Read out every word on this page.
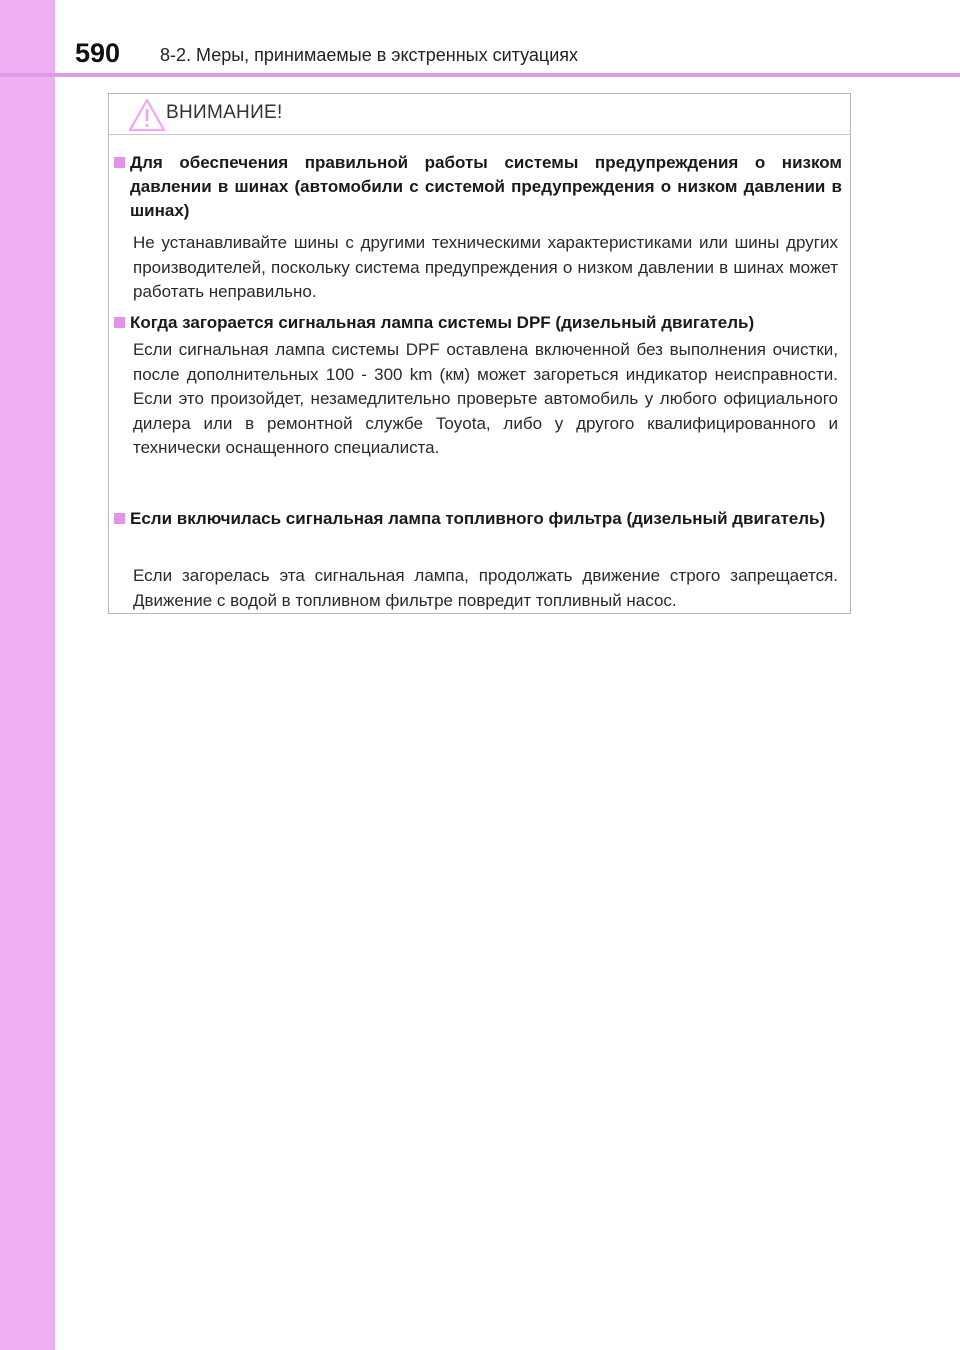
590 8-2. Меры, принимаемые в экстренных ситуациях
ВНИМАНИЕ!
Для обеспечения правильной работы системы предупреждения о низком давлении в шинах (автомобили с системой предупреждения о низком давлении в шинах)
Не устанавливайте шины с другими техническими характеристиками или шины других производителей, поскольку система предупреждения о низком давлении в шинах может работать неправильно.
Когда загорается сигнальная лампа системы DPF (дизельный двигатель)
Если сигнальная лампа системы DPF оставлена включенной без выполнения очистки, после дополнительных 100 - 300 km (км) может загореться индикатор неисправности. Если это произойдет, незамедлительно проверьте автомобиль у любого официального дилера или в ремонтной службе Toyota, либо у другого квалифицированного и технически оснащенного специалиста.
Если включилась сигнальная лампа топливного фильтра (дизельный двигатель)
Если загорелась эта сигнальная лампа, продолжать движение строго запрещается. Движение с водой в топливном фильтре повредит топливный насос.
